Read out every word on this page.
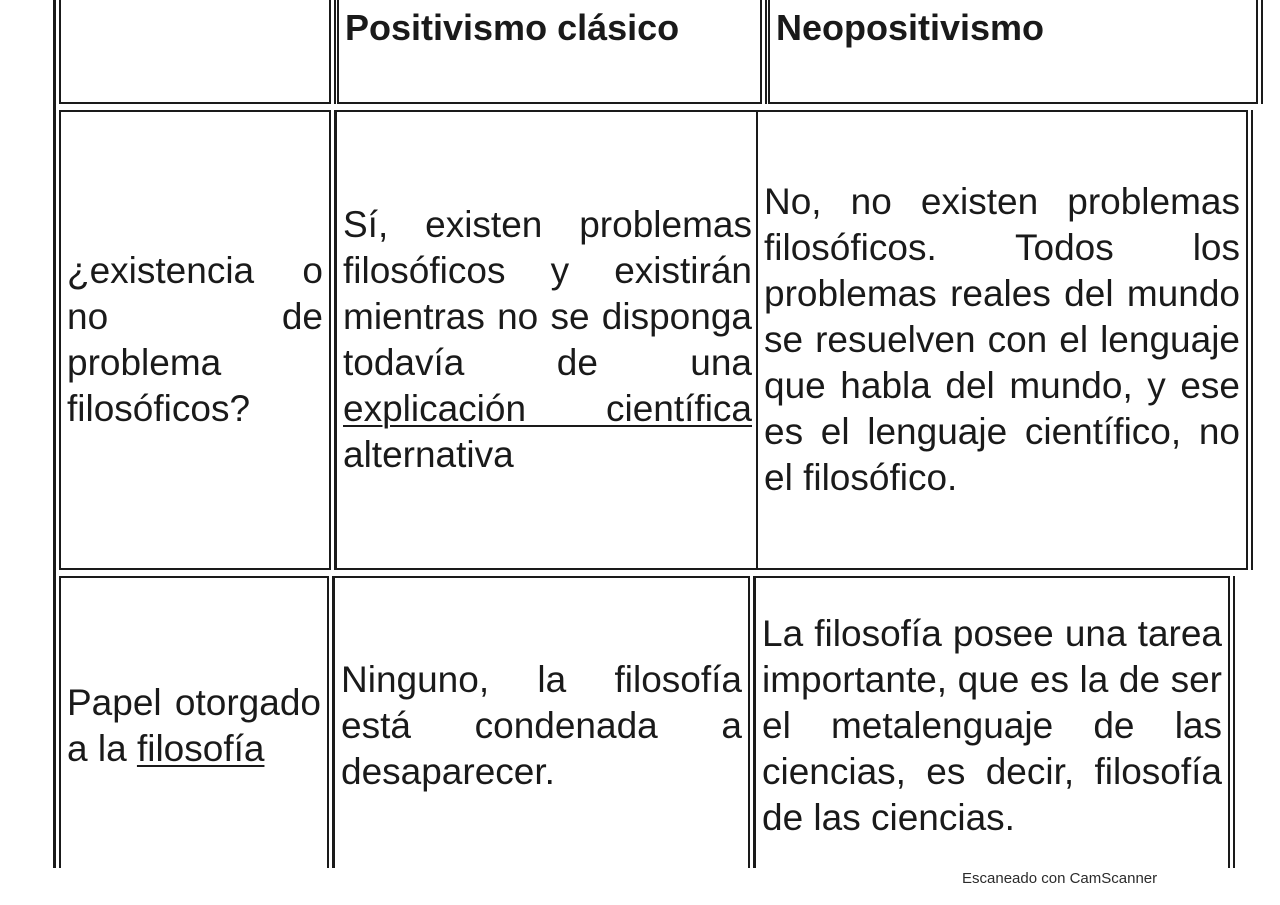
Positivismo clásico	Neopositivismo

¿existencia o no de problema filosóficos?

Sí, existen problemas filosóficos y existirán mientras no se disponga todavía de una explicación científica alternativa

No, no existen problemas filosóficos. Todos los problemas reales del mundo se resuelven con el lenguaje que habla del mundo, y ese es el lenguaje científico, no el filosófico.

Papel otorgado a la filosofía

Ninguno, la filosofía está condenada a desaparecer.

La filosofía posee una tarea importante, que es la de ser el metalenguaje de las ciencias, es decir, filosofía de las ciencias.

Escaneado con CamScanner
